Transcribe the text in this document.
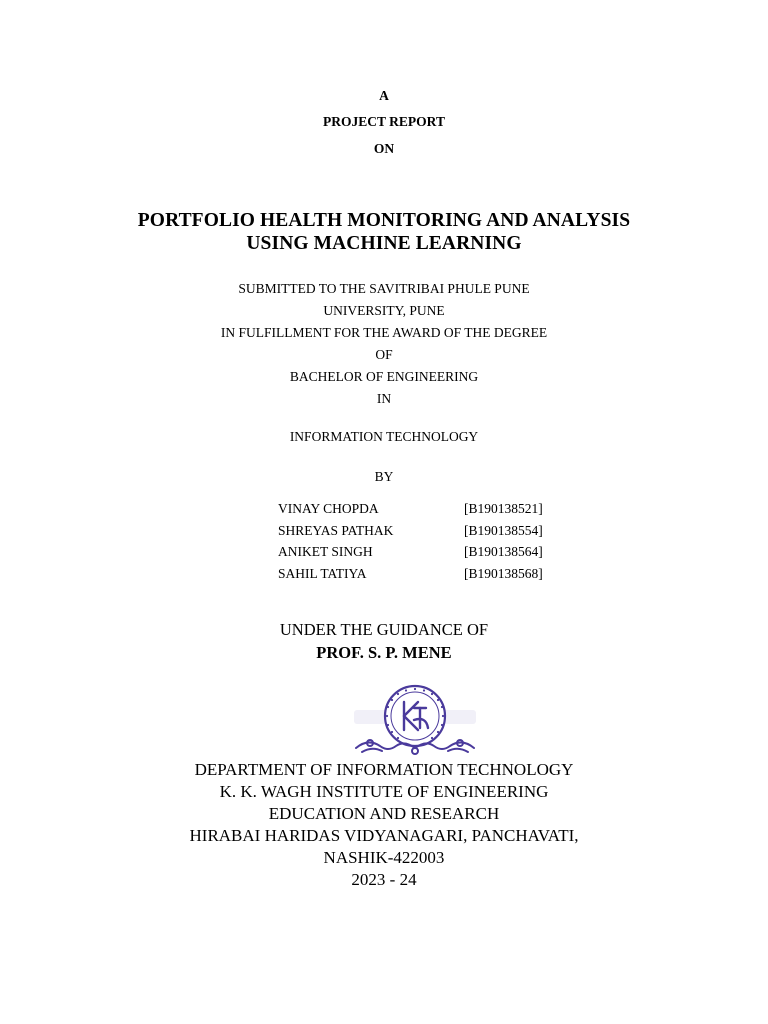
A
PROJECT REPORT
ON
PORTFOLIO HEALTH MONITORING AND ANALYSIS
USING MACHINE LEARNING
SUBMITTED TO THE SAVITRIBAI PHULE PUNE
UNIVERSITY, PUNE
IN FULFILLMENT FOR THE AWARD OF THE DEGREE
OF
BACHELOR OF ENGINEERING
IN
INFORMATION TECHNOLOGY
BY
VINAY CHOPDA	[B190138521]
SHREYAS PATHAK	[B190138554]
ANIKET SINGH	[B190138564]
SAHIL TATIYA	[B190138568]
UNDER THE GUIDANCE OF
PROF. S. P. MENE
DEPARTMENT OF INFORMATION TECHNOLOGY
K. K. WAGH INSTITUTE OF ENGINEERING
EDUCATION AND RESEARCH
HIRABAI HARIDAS VIDYANAGARI, PANCHAVATI,
NASHIK-422003
2023 - 24
